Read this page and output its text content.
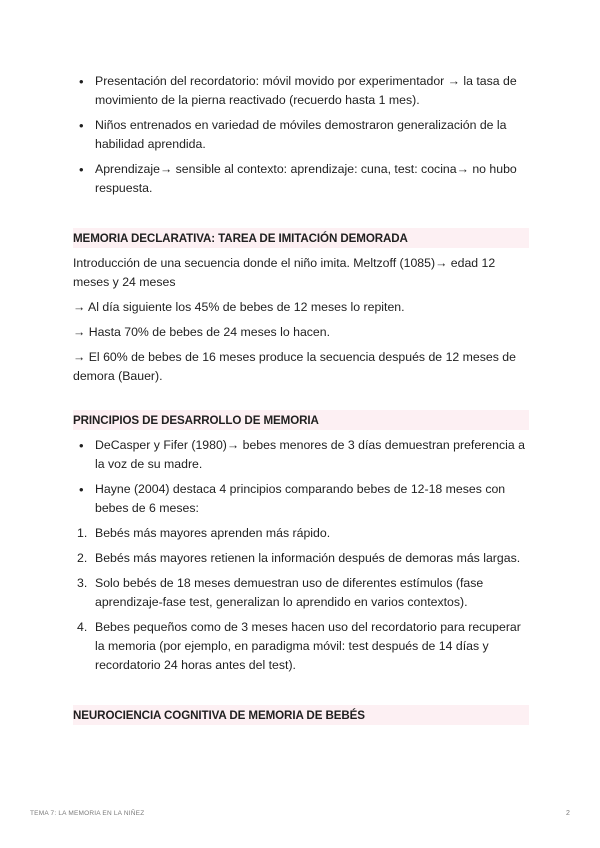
• Presentación del recordatorio: móvil movido por experimentador → la tasa de movimiento de la pierna reactivado (recuerdo hasta 1 mes).
• Niños entrenados en variedad de móviles demostraron generalización de la habilidad aprendida.
• Aprendizaje→ sensible al contexto: aprendizaje: cuna, test: cocina→ no hubo respuesta.
MEMORIA DECLARATIVA: TAREA DE IMITACIÓN DEMORADA

Introducción de una secuencia donde el niño imita. Meltzoff (1085)→ edad 12 meses y 24 meses

→ Al día siguiente los 45% de bebes de 12 meses lo repiten.

→ Hasta 70% de bebes de 24 meses lo hacen.

→ El 60% de bebes de 16 meses produce la secuencia después de 12 meses de demora (Bauer).

PRINCIPIOS DE DESARROLLO DE MEMORIA
• DeCasper y Fifer (1980)→ bebes menores de 3 días demuestran preferencia a la voz de su madre.
• Hayne (2004) destaca 4 principios comparando bebes de 12-18 meses con bebes de 6 meses:
1. Bebés más mayores aprenden más rápido.
2. Bebés más mayores retienen la información después de demoras más largas.
3. Solo bebés de 18 meses demuestran uso de diferentes estímulos (fase aprendizaje-fase test, generalizan lo aprendido en varios contextos).
4. Bebes pequeños como de 3 meses hacen uso del recordatorio para recuperar la memoria (por ejemplo, en paradigma móvil: test después de 14 días y recordatorio 24 horas antes del test).
NEUROCIENCIA COGNITIVA DE MEMORIA DE BEBÉS
TEMA 7: LA MEMORIA EN LA NIÑEZ	2
